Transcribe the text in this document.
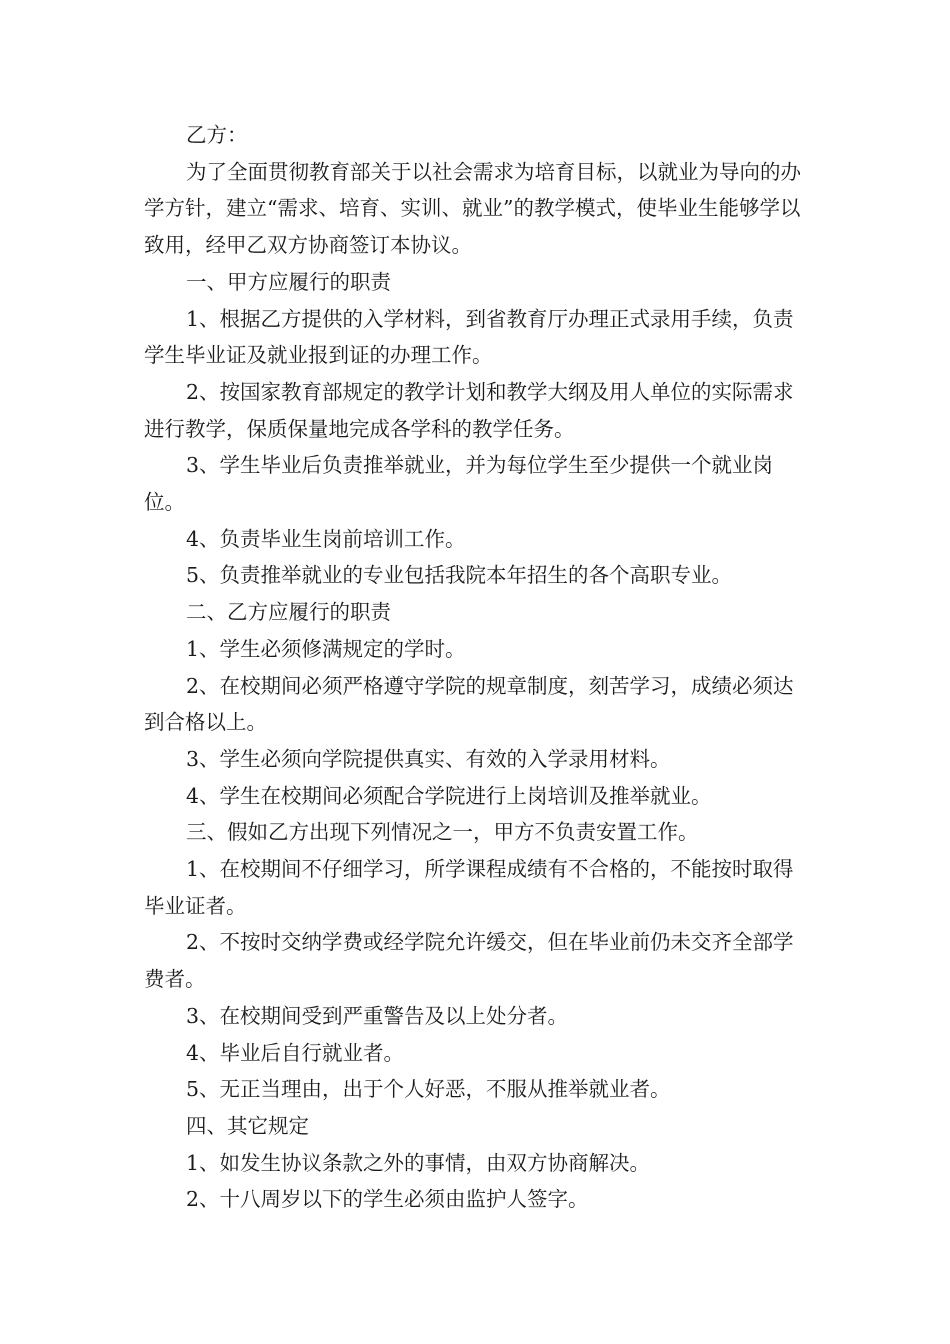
乙方：

为了全面贯彻教育部关于以社会需求为培育目标，以就业为导向的办学方针，建立“需求、培育、实训、就业”的教学模式，使毕业生能够学以致用，经甲乙双方协商签订本协议。

一、甲方应履行的职责

1、根据乙方提供的入学材料，到省教育厅办理正式录用手续，负责学生毕业证及就业报到证的办理工作。

2、按国家教育部规定的教学计划和教学大纲及用人单位的实际需求进行教学，保质保量地完成各学科的教学任务。

3、学生毕业后负责推举就业，并为每位学生至少提供一个就业岗位。

4、负责毕业生岗前培训工作。

5、负责推举就业的专业包括我院本年招生的各个高职专业。

二、乙方应履行的职责

1、学生必须修满规定的学时。

2、在校期间必须严格遵守学院的规章制度，刻苦学习，成绩必须达到合格以上。

3、学生必须向学院提供真实、有效的入学录用材料。

4、学生在校期间必须配合学院进行上岗培训及推举就业。

三、假如乙方出现下列情况之一，甲方不负责安置工作。

1、在校期间不仔细学习，所学课程成绩有不合格的，不能按时取得毕业证者。

2、不按时交纳学费或经学院允许缓交，但在毕业前仍未交齐全部学费者。

3、在校期间受到严重警告及以上处分者。

4、毕业后自行就业者。

5、无正当理由，出于个人好恶，不服从推举就业者。

四、其它规定

1、如发生协议条款之外的事情，由双方协商解决。

2、十八周岁以下的学生必须由监护人签字。
